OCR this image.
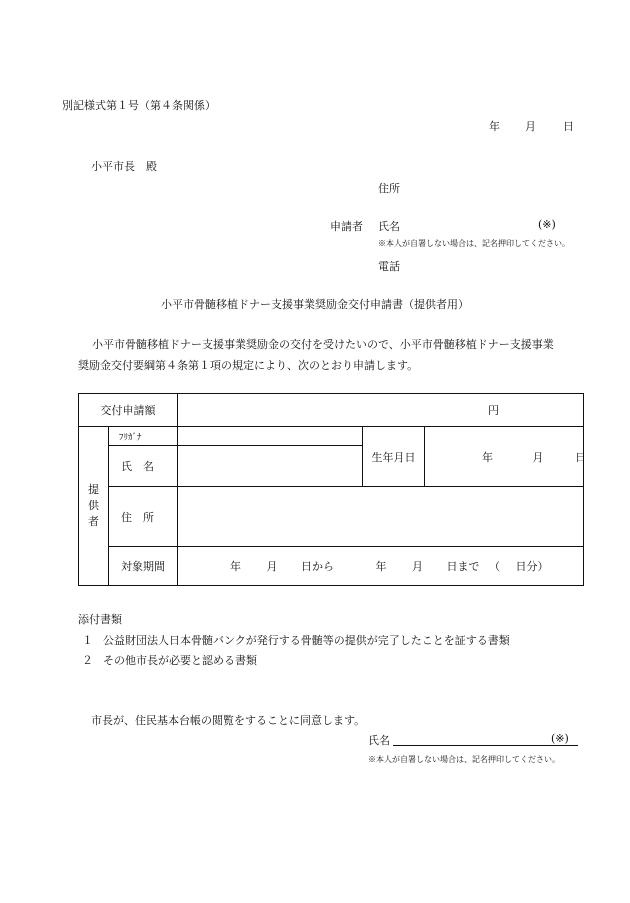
別記様式第１号（第４条関係）
年 月 日
小平市長　殿
住所
申請者 氏名	(※)
※本人が自署しない場合は、記名押印してください。
電話
小平市骨髄移植ドナー支援事業奨励金交付申請書（提供者用）
小平市骨髄移植ドナー支援事業奨励金の交付を受けたいので、小平市骨髄移植ドナー支援事業
奨励金交付要綱第４条第１項の規定により、次のとおり申請します。
交付申請額		円		
提
供
者	ﾌﾘｶﾞﾅ		生年月日	年 月 日
	氏　名			
	住　所			
	対象期間	年 月 日から 年 月 日まで （ 日分）		
添付書類
１ 公益財団法人日本骨髄バンクが発行する骨髄等の提供が完了したことを証する書類
２ その他市長が必要と認める書類
市長が、住民基本台帳の閲覧をすることに同意します。
氏名	(※)
※本人が自署しない場合は、記名押印してください。
